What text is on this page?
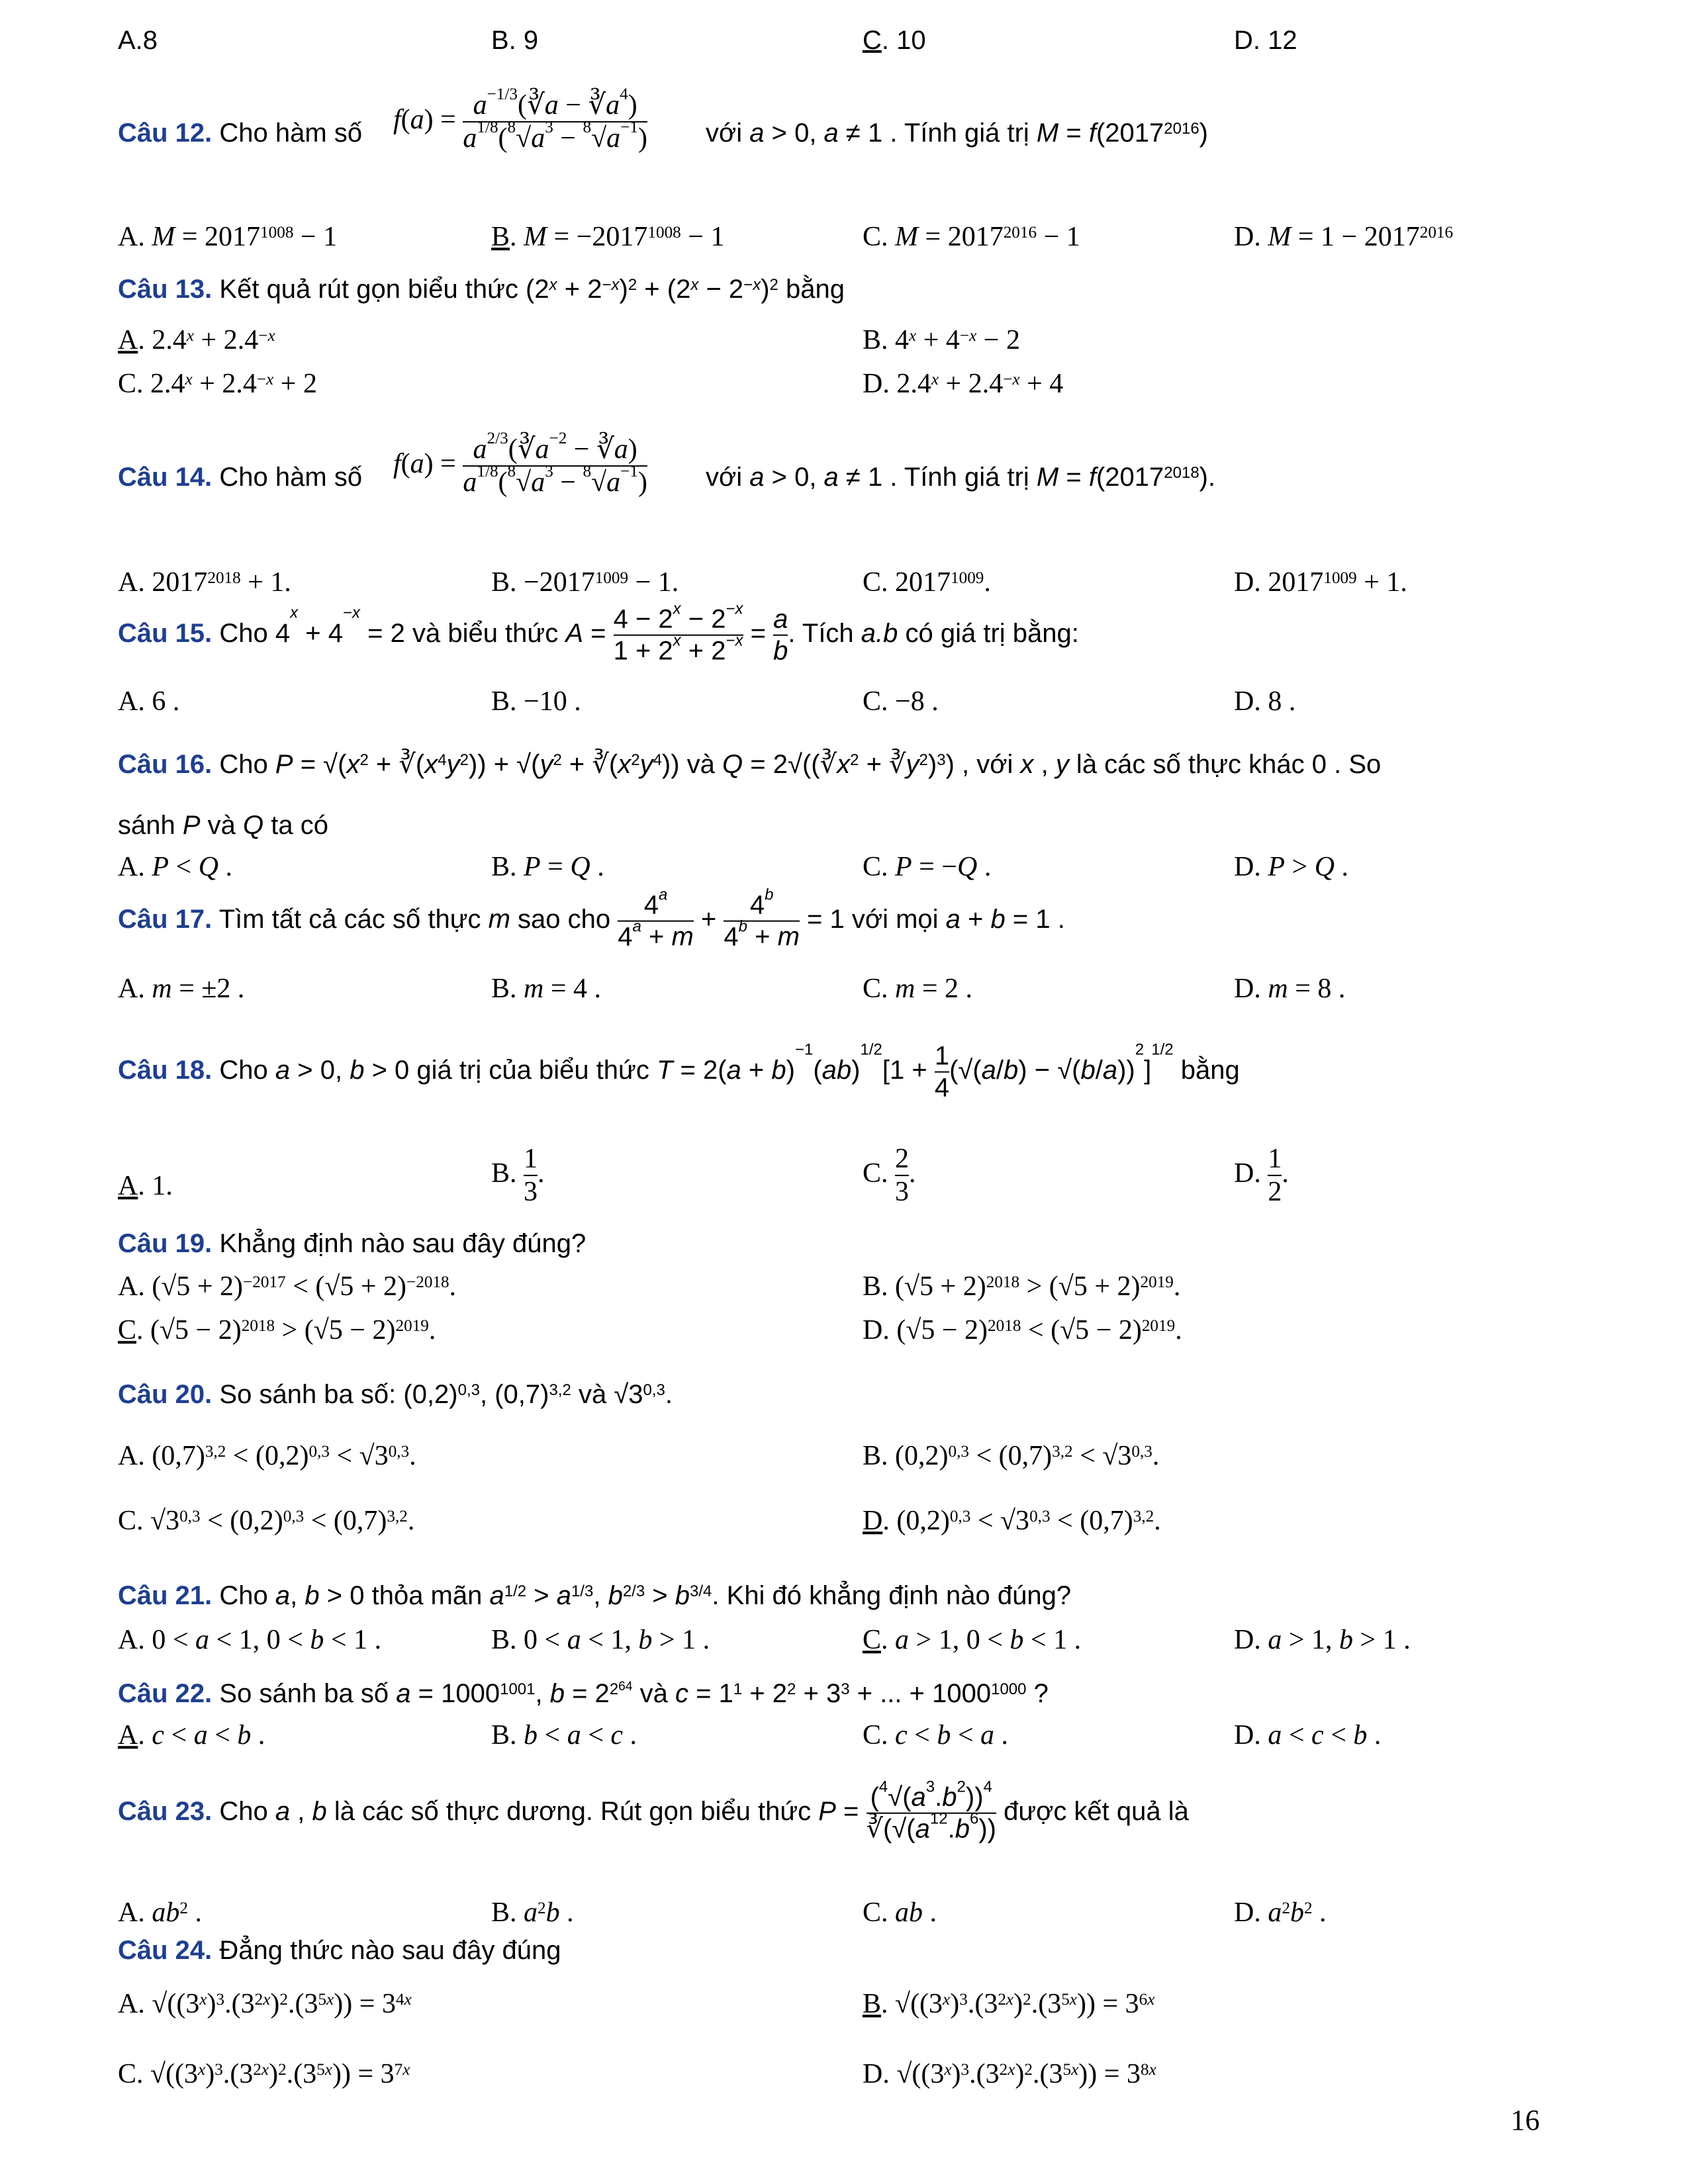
A.8	B. 9	C. 10	D. 12
Câu 12. Cho hàm số $f(a) = \frac{a^{-1/3}(∛a - ∛a^4)}{a^{1/8}(^8√a^3 - ^8√a^{-1})}$ với a > 0, a ≠ 1 . Tính giá trị $M = f(2017^{2016})$
A. $M = 2017^{1008} - 1$	B. $M = -2017^{1008} - 1$	C. $M = 2017^{2016} - 1$	D. $M = 1 - 2017^{2016}$
Câu 13. Kết quả rút gọn biểu thức $(2^x + 2^{-x})^2 + (2^x - 2^{-x})^2$ bằng
A. $2.4^x + 2.4^{-x}$	B. $4^x + 4^{-x} - 2$
C. $2.4^x + 2.4^{-x} + 2$	D. $2.4^x + 2.4^{-x} + 4$
Câu 14. Cho hàm số $f(a) = \frac{a^{2/3}(∛a^{-2} - ∛a)}{a^{1/8}(^8√a^3 - ^8√a^{-1})}$ với a > 0, a ≠ 1 . Tính giá trị $M = f(2017^{2018})$.
A. $2017^{2018} + 1$.	B. $-2017^{1009} - 1$.	C. $2017^{1009}$.	D. $2017^{1009} + 1$.
Câu 15. Cho $4^x + 4^{-x} = 2$ và biểu thức $A = \frac{4 - 2^x - 2^{-x}}{1 + 2^x + 2^{-x}} = \frac{a}{b}$ . Tích a.b có giá trị bằng:
A. 6 .	B. −10 .	C. −8 .	D. 8 .
Câu 16. Cho $P = √(x^2$ + $∛(x^4y^2)) + √(y^2$ + $∛(x^2y^4)$) và $Q = 2√((∛x^2$ + $∛y^2)^3$) , với x , y là các số thực khác 0 . So
sánh P và Q ta có
A. P < Q .	B. P = Q .	C. P = −Q .	D. P > Q .
Câu 17. Tìm tất cả các số thực m sao cho $\frac{4^a}{4^a + m} + \frac{4^b}{4^b + m} = 1$ với mọi a + b = 1 .
A. m = ±2 .	B. m = 4 .	C. m = 2 .	D. m = 8 .
Câu 18. Cho a > 0, b > 0 giá trị của biểu thức $T = 2(a + b)^{-1}(ab)^{1/2}[1 + \frac{1}{4} (√(a/b) - √(b/a))^2]^{1/2}$ bằng
A. 1.	B. $\frac{1}{3}$ .	C. $\frac{2}{3}$ .	D. $\frac{1}{2}$ .
Câu 19. Khẳng định nào sau đây đúng?
A. $(√5 + 2)^{-2017} < (√5 + 2)^{-2018}$.	B. $(√5 + 2)^{2018} > (√5 + 2)^{2019}$.
C. $(√5 - 2)^{2018} > (√5 - 2)^{2019}$.	D. $(√5 - 2)^{2018} < (√5 - 2)^{2019}$.
Câu 20. So sánh ba số: $(0,2)^{0,3}$, $(0,7)^{3,2}$ và √3$^{0,3}$.
A. $(0,7)^{3,2} < (0,2)^{0,3} < √3^{0,3}$.	B. $(0,2)^{0,3} < (0,7)^{3,2} < √3^{0,3}$.
C. $√3^{0,3} < (0,2)^{0,3} < (0,7)^{3,2}$.	D. $(0,2)^{0,3} < √3^{0,3} < (0,7)^{3,2}$.
Câu 21. Cho a, b > 0 thỏa mãn $a^{1/2} > a^{1/3}$, $b^{2/3} > b^{3/4}$. Khi đó khẳng định nào đúng?
A. 0 < a < 1, 0 < b < 1 .	B. 0 < a < 1, b > 1 .	C. a > 1, 0 < b < 1 .	D. a > 1, b > 1 .
Câu 22. So sánh ba số $a = 1000^{1001}$, $b = 2^{2^{64}}$ và $c = 1^1 + 2^2 + 3^3$ + ... + $1000^{1000}$ ?
A. c < a < b .	B. b < a < c .	C. c < b < a .	D. a < c < b .
Câu 23. Cho a , b là các số thực dương. Rút gọn biểu thức $P = \frac{(^4√(a^3.b^2))^4}{∛(√(a^{12}.b^6))}$ được kết quả là
A. $ab^2$ .	B. $a^2b$ .	C. ab .	D. $a^2b^2$ .
Câu 24. Đẳng thức nào sau đây đúng
A. $√((3^x)^3.(3^{2x})^2.(3^{5x})) = 3^{4x}$	B. $√((3^x)^3.(3^{2x})^2.(3^{5x})) = 3^{6x}$
C. $√((3^x)^3.(3^{2x})^2.(3^{5x})) = 3^{7x}$	D. $√((3^x)^3.(3^{2x})^2.(3^{5x})) = 3^{8x}$
16
